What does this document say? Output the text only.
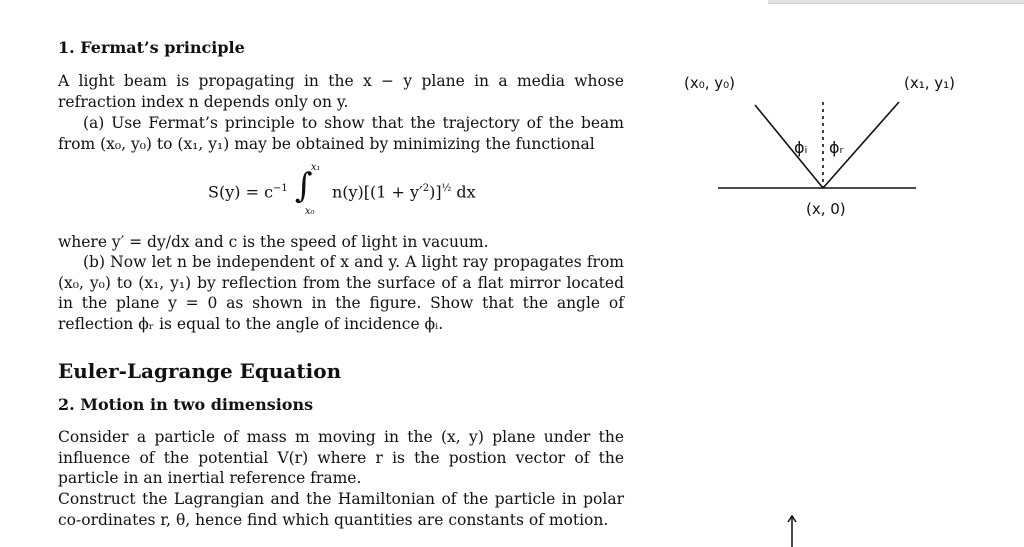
1. Fermat’s principle
A light beam is propagating in the x − y plane in a media whose refraction index n depends only on y.
(a) Use Fermat’s principle to show that the trajectory of the beam from (x₀, y₀) to (x₁, y₁) may be obtained by minimizing the functional
$S(y) = c^{-1}$ ∫
x₁
x₀
$n(y)[(1 + y'^2)]^{\frac{1}{2}}$ dx
where y′ = dy/dx and c is the speed of light in vacuum.
(b) Now let n be independent of x and y. A light ray propagates from (x₀, y₀) to (x₁, y₁) by reflection from the surface of a flat mirror located in the plane y = 0 as shown in the figure. Show that the angle of reflection ϕᵣ is equal to the angle of incidence ϕᵢ.
Euler-Lagrange Equation
2. Motion in two dimensions
Consider a particle of mass m moving in the (x, y) plane under the influence of the potential V(r) where r is the postion vector of the particle in an inertial reference frame.
Construct the Lagrangian and the Hamiltonian of the particle in polar co-ordinates r, θ, hence find which quantities are constants of motion.
(x₀, y₀)	(x₁, y₁)
ϕᵢ ϕᵣ
(x, 0)
